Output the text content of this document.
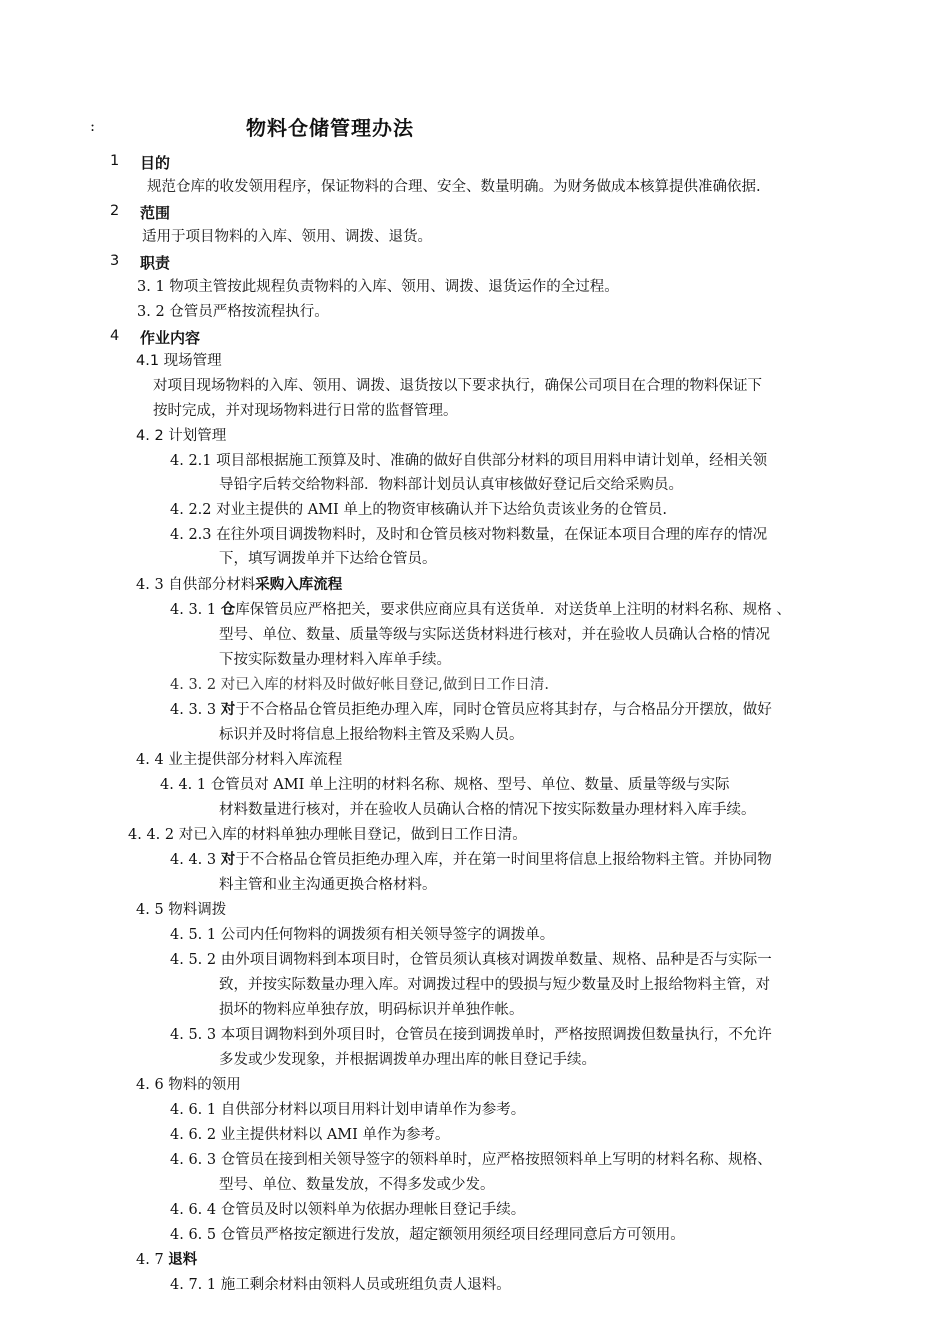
:	物料仓储管理办法
1 目的
规范仓库的收发领用程序，保证物料的合理、安全、数量明确。为财务做成本核算提供准确依据.
2 范围
适用于项目物料的入库、领用、调拨、退货。
3 职责
3. 1 物项主管按此规程负责物料的入库、领用、调拨、退货运作的全过程。
3. 2 仓管员严格按流程执行。
4 作业内容
4.1 现场管理
对项目现场物料的入库、领用、调拨、退货按以下要求执行，确保公司项目在合理的物料保证下
按时完成，并对现场物料进行日常的监督管理。
4. 2 计划管理
4. 2.1 项目部根据施工预算及时、准确的做好自供部分材料的项目用料申请计划单，经相关领
导铅字后转交给物料部．物料部计划员认真审核做好登记后交给采购员。
4. 2.2 对业主提供的 AMI 单上的物资审核确认并下达给负责该业务的仓管员.
4. 2.3 在往外项目调拨物料时，及时和仓管员核对物料数量，在保证本项目合理的库存的情况
下，填写调拨单并下达给仓管员。
4. 3 自供部分材料采购入库流程
4. 3. 1 仓库保管员应严格把关，要求供应商应具有送货单．对送货单上注明的材料名称、规格 、
型号、单位、数量、质量等级与实际送货材料进行核对，并在验收人员确认合格的情况
下按实际数量办理材料入库单手续。
4. 3. 2 对已入库的材料及时做好帐目登记,做到日工作日清.
4. 3. 3 对于不合格品仓管员拒绝办理入库，同时仓管员应将其封存，与合格品分开摆放，做好
标识并及时将信息上报给物料主管及采购人员。
4. 4 业主提供部分材料入库流程
4. 4. 1 仓管员对 AMI 单上注明的材料名称、规格、型号、单位、数量、质量等级与实际
材料数量进行核对，并在验收人员确认合格的情况下按实际数量办理材料入库手续。
4. 4. 2 对已入库的材料单独办理帐目登记，做到日工作日清。
4. 4. 3 对于不合格品仓管员拒绝办理入库，并在第一时间里将信息上报给物料主管。并协同物
料主管和业主沟通更换合格材料。
4. 5 物料调拨
4. 5. 1 公司内任何物料的调拨须有相关领导签字的调拨单。
4. 5. 2 由外项目调物料到本项目时，仓管员须认真核对调拨单数量、规格、品种是否与实际一
致，并按实际数量办理入库。对调拨过程中的毁损与短少数量及时上报给物料主管，对
损坏的物料应单独存放，明码标识并单独作帐。
4. 5. 3 本项目调物料到外项目时，仓管员在接到调拨单时，严格按照调拨但数量执行，不允许
多发或少发现象，并根据调拨单办理出库的帐目登记手续。
4. 6 物料的领用
4. 6. 1 自供部分材料以项目用料计划申请单作为参考。
4. 6. 2 业主提供材料以 AMI 单作为参考。
4. 6. 3 仓管员在接到相关领导签字的领料单时，应严格按照领料单上写明的材料名称、规格、
型号、单位、数量发放，不得多发或少发。
4. 6. 4 仓管员及时以领料单为依据办理帐目登记手续。
4. 6. 5 仓管员严格按定额进行发放，超定额领用须经项目经理同意后方可领用。
4. 7 退料
4. 7. 1 施工剩余材料由领料人员或班组负责人退料。
